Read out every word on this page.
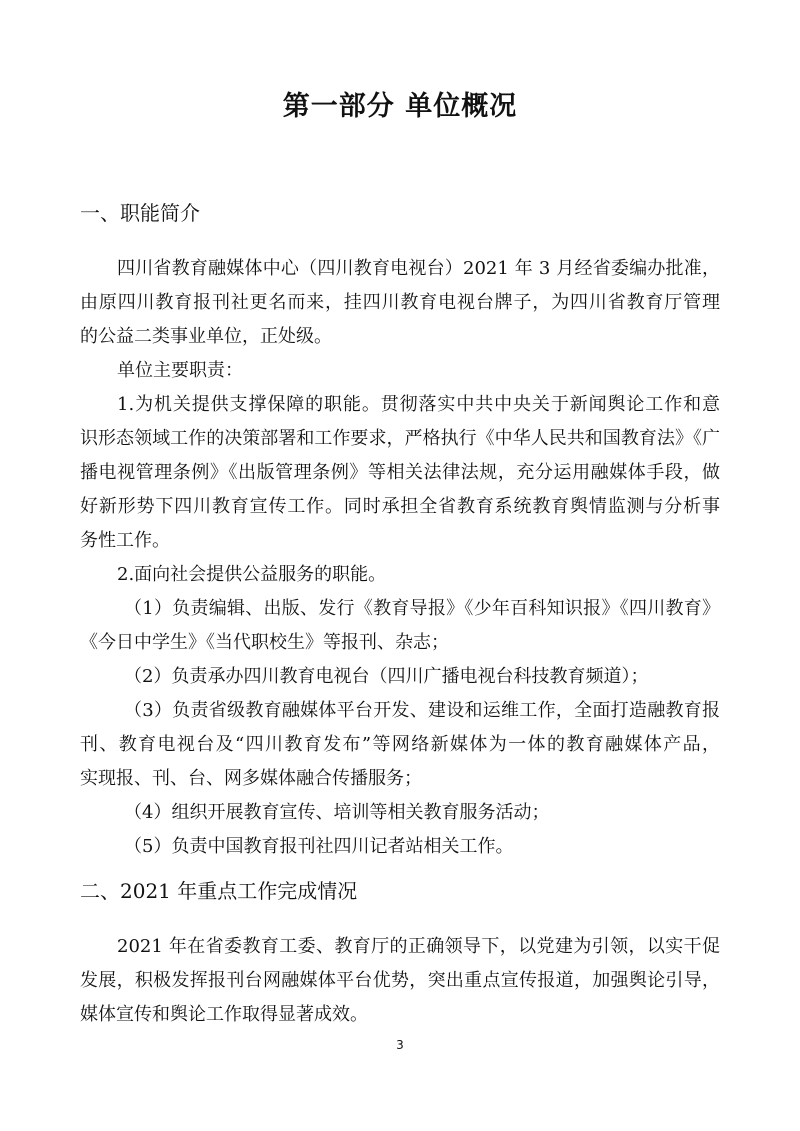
第一部分 单位概况
一、职能简介
四川省教育融媒体中心（四川教育电视台）2021 年 3 月经省委编办批准，
由原四川教育报刊社更名而来，挂四川教育电视台牌子，为四川省教育厅管理
的公益二类事业单位，正处级。
单位主要职责：
1.为机关提供支撑保障的职能。贯彻落实中共中央关于新闻舆论工作和意
识形态领域工作的决策部署和工作要求，严格执行《中华人民共和国教育法》《广
播电视管理条例》《出版管理条例》等相关法律法规，充分运用融媒体手段，做
好新形势下四川教育宣传工作。同时承担全省教育系统教育舆情监测与分析事
务性工作。
2.面向社会提供公益服务的职能。
（1）负责编辑、出版、发行《教育导报》《少年百科知识报》《四川教育》
《今日中学生》《当代职校生》等报刊、杂志；
（2）负责承办四川教育电视台（四川广播电视台科技教育频道）；
（3）负责省级教育融媒体平台开发、建设和运维工作，全面打造融教育报
刊、教育电视台及“四川教育发布”等网络新媒体为一体的教育融媒体产品，
实现报、刊、台、网多媒体融合传播服务；
（4）组织开展教育宣传、培训等相关教育服务活动；
（5）负责中国教育报刊社四川记者站相关工作。
二、2021 年重点工作完成情况
2021 年在省委教育工委、教育厅的正确领导下，以党建为引领，以实干促
发展，积极发挥报刊台网融媒体平台优势，突出重点宣传报道，加强舆论引导，
媒体宣传和舆论工作取得显著成效。
3
